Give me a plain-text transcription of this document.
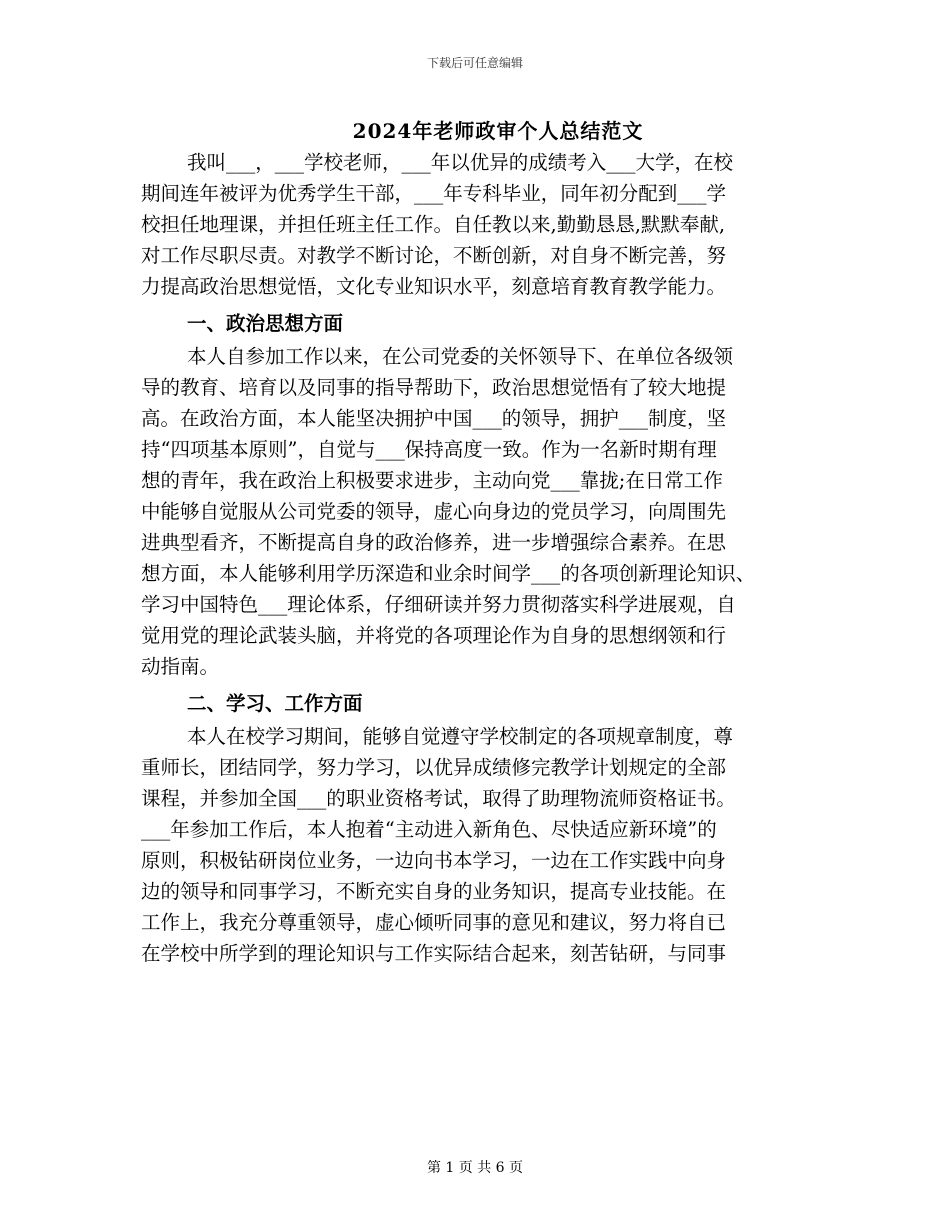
下载后可任意编辑
2024年老师政审个人总结范文
我叫___，___学校老师，___年以优异的成绩考入___大学，在校
期间连年被评为优秀学生干部，___年专科毕业，同年初分配到___学
校担任地理课，并担任班主任工作。自任教以来,勤勤恳恳,默默奉献,
对工作尽职尽责。对教学不断讨论，不断创新，对自身不断完善，努
力提高政治思想觉悟，文化专业知识水平，刻意培育教育教学能力。
一、政治思想方面
本人自参加工作以来，在公司党委的关怀领导下、在单位各级领
导的教育、培育以及同事的指导帮助下，政治思想觉悟有了较大地提
高。在政治方面，本人能坚决拥护中国___的领导，拥护___制度，坚
持“四项基本原则”，自觉与___保持高度一致。作为一名新时期有理
想的青年，我在政治上积极要求进步，主动向党___靠拢;在日常工作
中能够自觉服从公司党委的领导，虚心向身边的党员学习，向周围先
进典型看齐，不断提高自身的政治修养，进一步增强综合素养。在思
想方面，本人能够利用学历深造和业余时间学___的各项创新理论知识、
学习中国特色___理论体系，仔细研读并努力贯彻落实科学进展观，自
觉用党的理论武装头脑，并将党的各项理论作为自身的思想纲领和行
动指南。
二、学习、工作方面
本人在校学习期间，能够自觉遵守学校制定的各项规章制度，尊
重师长，团结同学，努力学习，以优异成绩修完教学计划规定的全部
课程，并参加全国___的职业资格考试，取得了助理物流师资格证书。
___年参加工作后，本人抱着“主动进入新角色、尽快适应新环境”的
原则，积极钻研岗位业务，一边向书本学习，一边在工作实践中向身
边的领导和同事学习，不断充实自身的业务知识，提高专业技能。在
工作上，我充分尊重领导，虚心倾听同事的意见和建议，努力将自已
在学校中所学到的理论知识与工作实际结合起来，刻苦钻研，与同事
第 1 页 共 6 页
